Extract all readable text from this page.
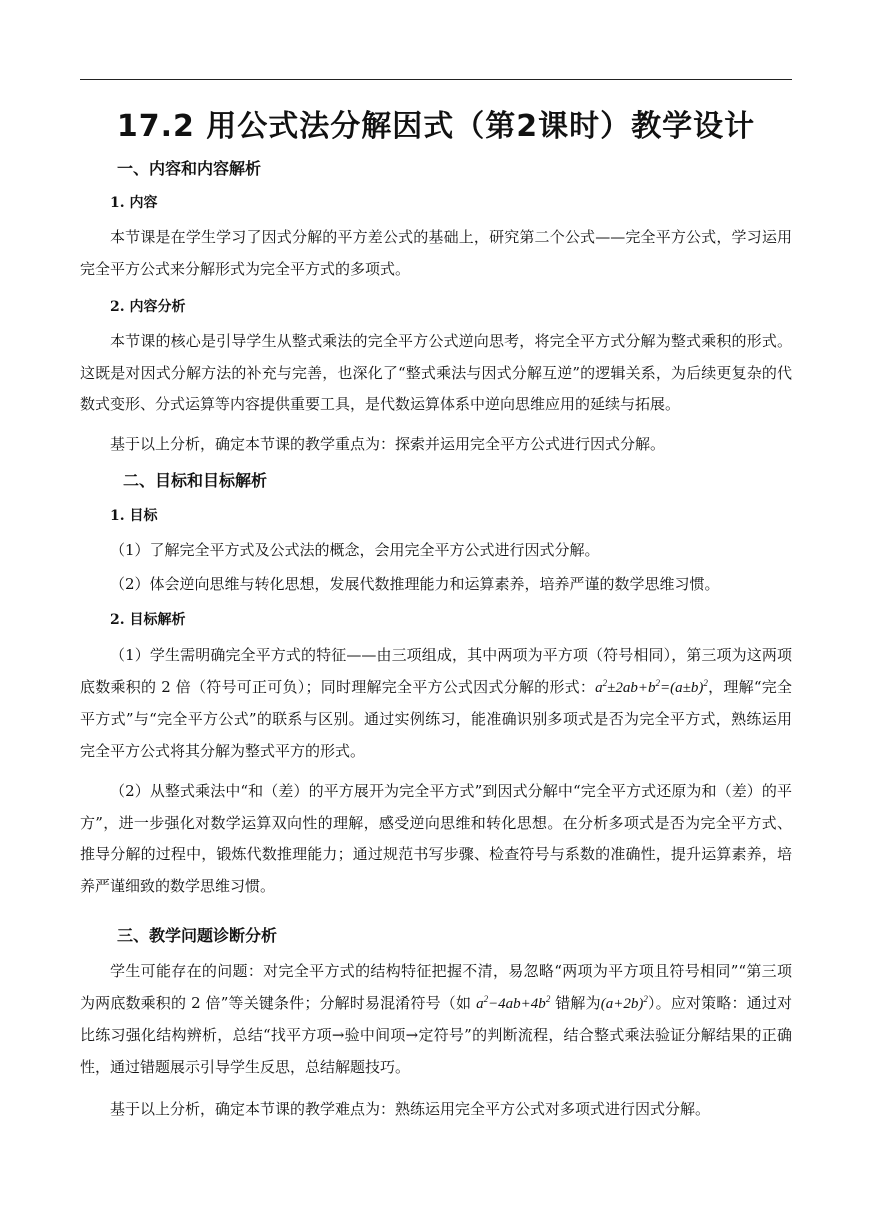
17.2 用公式法分解因式（第2课时）教学设计
一、内容和内容解析
1. 内容

本节课是在学生学习了因式分解的平方差公式的基础上，研究第二个公式——完全平方公式，学习运用完全平方公式来分解形式为完全平方式的多项式。

2. 内容分析

本节课的核心是引导学生从整式乘法的完全平方公式逆向思考，将完全平方式分解为整式乘积的形式。这既是对因式分解方法的补充与完善，也深化了“整式乘法与因式分解互逆”的逻辑关系，为后续更复杂的代数式变形、分式运算等内容提供重要工具，是代数运算体系中逆向思维应用的延续与拓展。

基于以上分析，确定本节课的教学重点为：探索并运用完全平方公式进行因式分解。

二、目标和目标解析
1. 目标

（1）了解完全平方式及公式法的概念，会用完全平方公式进行因式分解。

（2）体会逆向思维与转化思想，发展代数推理能力和运算素养，培养严谨的数学思维习惯。

2. 目标解析

（1）学生需明确完全平方式的特征——由三项组成，其中两项为平方项（符号相同），第三项为这两项底数乘积的 2 倍（符号可正可负）；同时理解完全平方公式因式分解的形式：$a^2\pm 2ab+b^2=(a\pm b)^2$，理解“完全平方式”与“完全平方公式”的联系与区别。通过实例练习，能准确识别多项式是否为完全平方式，熟练运用完全平方公式将其分解为整式平方的形式。

（2）从整式乘法中“和（差）的平方展开为完全平方式”到因式分解中“完全平方式还原为和（差）的平方”，进一步强化对数学运算双向性的理解，感受逆向思维和转化思想。在分析多项式是否为完全平方式、推导分解的过程中，锻炼代数推理能力；通过规范书写步骤、检查符号与系数的准确性，提升运算素养，培养严谨细致的数学思维习惯。

三、教学问题诊断分析

学生可能存在的问题：对完全平方式的结构特征把握不清，易忽略“两项为平方项且符号相同”“第三项为两底数乘积的 2 倍”等关键条件；分解时易混淆符号（如 $a^2-4ab+4b^2$ 错解为$(a+2b)^2$）。应对策略：通过对比练习强化结构辨析，总结“找平方项→验中间项→定符号”的判断流程，结合整式乘法验证分解结果的正确性，通过错题展示引导学生反思，总结解题技巧。

基于以上分析，确定本节课的教学难点为：熟练运用完全平方公式对多项式进行因式分解。
